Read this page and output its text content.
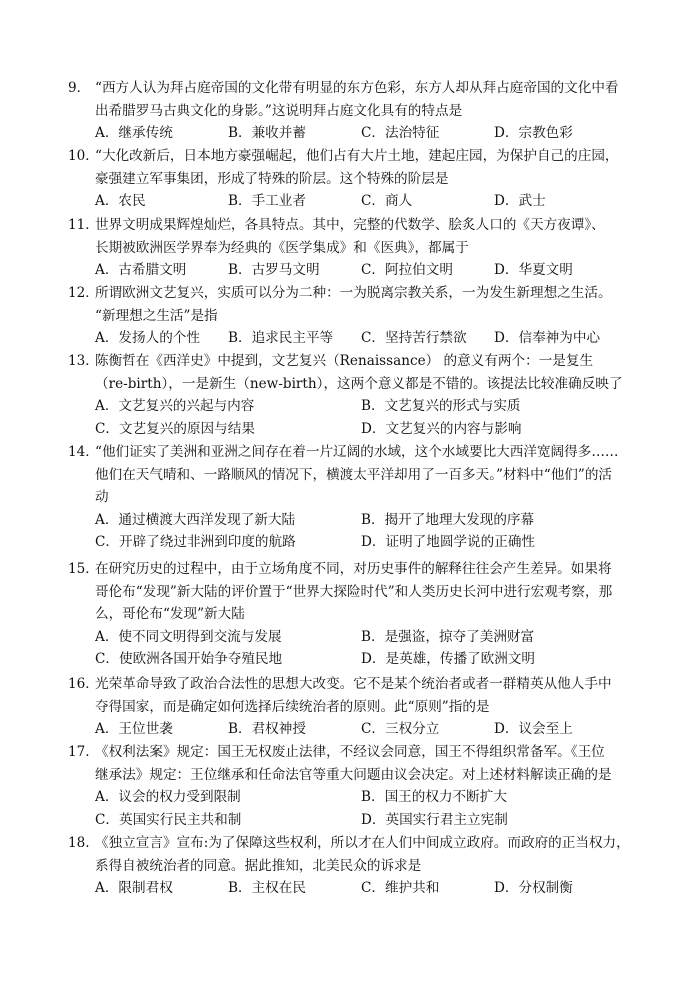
9． “西方人认为拜占庭帝国的文化带有明显的东方色彩，东方人却从拜占庭帝国的文化中看
出希腊罗马古典文化的身影。”这说明拜占庭文化具有的特点是
A．继承传统	B．兼收并蓄	C．法治特征	D．宗教色彩
10．
“大化改新后，日本地方豪强崛起，他们占有大片土地，建起庄园，为保护自己的庄园，
豪强建立军事集团，形成了特殊的阶层。这个特殊的阶层是
A．农民	B．手工业者	C．商人	D．武士
11．
世界文明成果辉煌灿烂，各具特点。其中，完整的代数学、脍炙人口的《天方夜谭》、
长期被欧洲医学界奉为经典的《医学集成》和《医典》，都属于
A．古希腊文明	B．古罗马文明	C．阿拉伯文明	D．华夏文明
12．
所谓欧洲文艺复兴，实质可以分为二种：一为脱离宗教关系，一为发生新理想之生活。
“新理想之生活”是指
A．发扬人的个性 B．追求民主平等 C．坚持苦行禁欲 D．信奉神为中心
13．
陈衡哲在《西洋史》中提到，文艺复兴（Renaissance） 的意义有两个：一是复生
（re-birth），一是新生（new-birth），这两个意义都是不错的。该提法比较准确反映了
A．文艺复兴的兴起与内容	B．文艺复兴的形式与实质
C．文艺复兴的原因与结果	D．文艺复兴的内容与影响
14．
“他们证实了美洲和亚洲之间存在着一片辽阔的水域，这个水域要比大西洋宽阔得多……
他们在天气晴和、一路顺风的情况下，横渡太平洋却用了一百多天。”材料中“他们”的活
动
A．通过横渡大西洋发现了新大陆	B．揭开了地理大发现的序幕
C．开辟了绕过非洲到印度的航路	D．证明了地圆学说的正确性
15．
在研究历史的过程中，由于立场角度不同，对历史事件的解释往往会产生差异。如果将
哥伦布“发现”新大陆的评价置于“世界大探险时代”和人类历史长河中进行宏观考察，那
么，哥伦布“发现”新大陆
A．使不同文明得到交流与发展	B．是强盗，掠夺了美洲财富
C．使欧洲各国开始争夺殖民地	D．是英雄，传播了欧洲文明
16．
光荣革命导致了政治合法性的思想大改变。它不是某个统治者或者一群精英从他人手中
夺得国家，而是确定如何选择后续统治者的原则。此“原则”指的是
A．王位世袭	B．君权神授	C．三权分立	D．议会至上
17. 《权利法案》规定：国王无权废止法律，不经议会同意，国王不得组织常备军。《王位
继承法》规定：王位继承和任命法官等重大问题由议会决定。对上述材料解读正确的是
A．议会的权力受到限制	B．国王的权力不断扩大
C．英国实行民主共和制	D．英国实行君主立宪制
18. 《独立宣言》宣布:为了保障这些权利，所以才在人们中间成立政府。而政府的正当权力，
系得自被统治者的同意。据此推知，北美民众的诉求是
A．限制君权	B．主权在民	C．维护共和	D．分权制衡
